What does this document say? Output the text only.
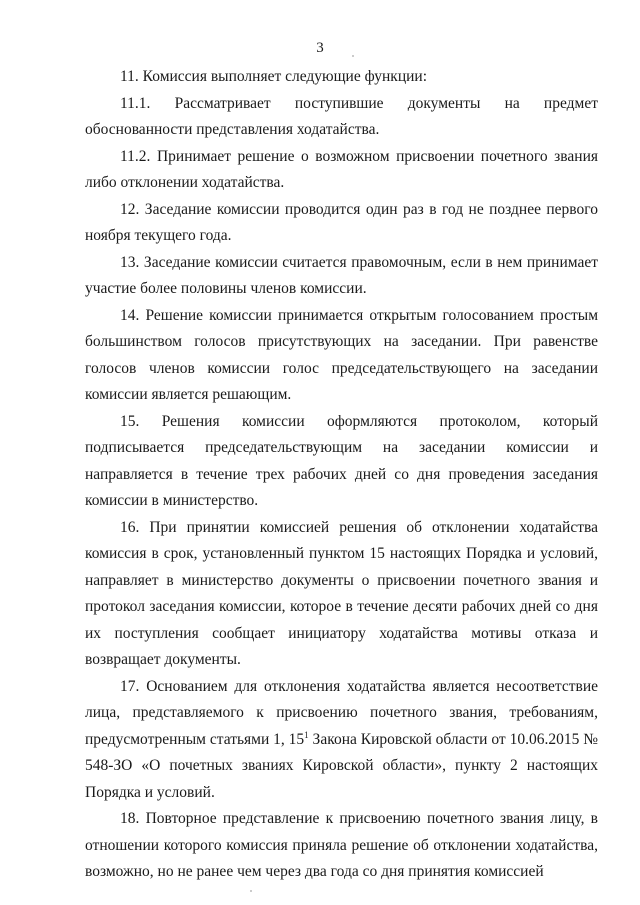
3

11. Комиссия выполняет следующие функции:

11.1. Рассматривает поступившие документы на предмет обоснованности представления ходатайства.

11.2. Принимает решение о возможном присвоении почетного звания либо отклонении ходатайства.

12. Заседание комиссии проводится один раз в год не позднее первого ноября текущего года.

13. Заседание комиссии считается правомочным, если в нем принимает участие более половины членов комиссии.

14. Решение комиссии принимается открытым голосованием простым большинством голосов присутствующих на заседании. При равенстве голосов членов комиссии голос председательствующего на заседании комиссии является решающим.

15. Решения комиссии оформляются протоколом, который подписывается председательствующим на заседании комиссии и направляется в течение трех рабочих дней со дня проведения заседания комиссии в министерство.

16. При принятии комиссией решения об отклонении ходатайства комиссия в срок, установленный пунктом 15 настоящих Порядка и условий, направляет в министерство документы о присвоении почетного звания и протокол заседания комиссии, которое в течение десяти рабочих дней со дня их поступления сообщает инициатору ходатайства мотивы отказа и возвращает документы.

17. Основанием для отклонения ходатайства является несоответствие лица, представляемого к присвоению почетного звания, требованиям, предусмотренным статьями 1, $15^1$ Закона Кировской области от 10.06.2015 № 548-ЗО «О почетных званиях Кировской области», пункту 2 настоящих Порядка и условий.

18. Повторное представление к присвоению почетного звания лицу, в отношении которого комиссия приняла решение об отклонении ходатайства, возможно, но не ранее чем через два года со дня принятия комиссией
